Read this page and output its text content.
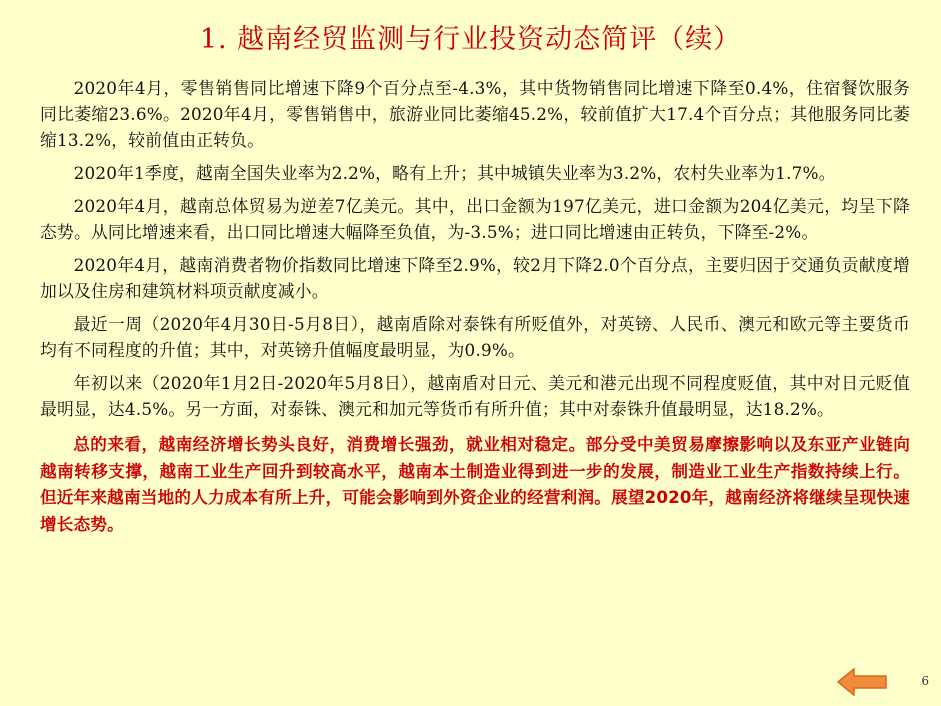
1. 越南经贸监测与行业投资动态简评（续）

2020年4月，零售销售同比增速下降9个百分点至-4.3%，其中货物销售同比增速下降至0.4%，住宿餐饮服务同比萎缩23.6%。2020年4月，零售销售中，旅游业同比萎缩45.2%，较前值扩大17.4个百分点；其他服务同比萎缩13.2%，较前值由正转负。

2020年1季度，越南全国失业率为2.2%，略有上升；其中城镇失业率为3.2%，农村失业率为1.7%。

2020年4月，越南总体贸易为逆差7亿美元。其中，出口金额为197亿美元，进口金额为204亿美元，均呈下降态势。从同比增速来看，出口同比增速大幅降至负值，为-3.5%；进口同比增速由正转负，下降至-2%。

2020年4月，越南消费者物价指数同比增速下降至2.9%，较2月下降2.0个百分点，主要归因于交通负贡献度增加以及住房和建筑材料项贡献度减小。

最近一周（2020年4月30日-5月8日），越南盾除对泰铢有所贬值外，对英镑、人民币、澳元和欧元等主要货币均有不同程度的升值；其中，对英镑升值幅度最明显，为0.9%。

年初以来（2020年1月2日-2020年5月8日），越南盾对日元、美元和港元出现不同程度贬值，其中对日元贬值最明显，达4.5%。另一方面，对泰铢、澳元和加元等货币有所升值；其中对泰铢升值最明显，达18.2%。

总的来看，越南经济增长势头良好，消费增长强劲，就业相对稳定。部分受中美贸易摩擦影响以及东亚产业链向越南转移支撑，越南工业生产回升到较高水平，越南本土制造业得到进一步的发展，制造业工业生产指数持续上行。但近年来越南当地的人力成本有所上升，可能会影响到外资企业的经营利润。展望2020年，越南经济将继续呈现快速增长态势。

6
